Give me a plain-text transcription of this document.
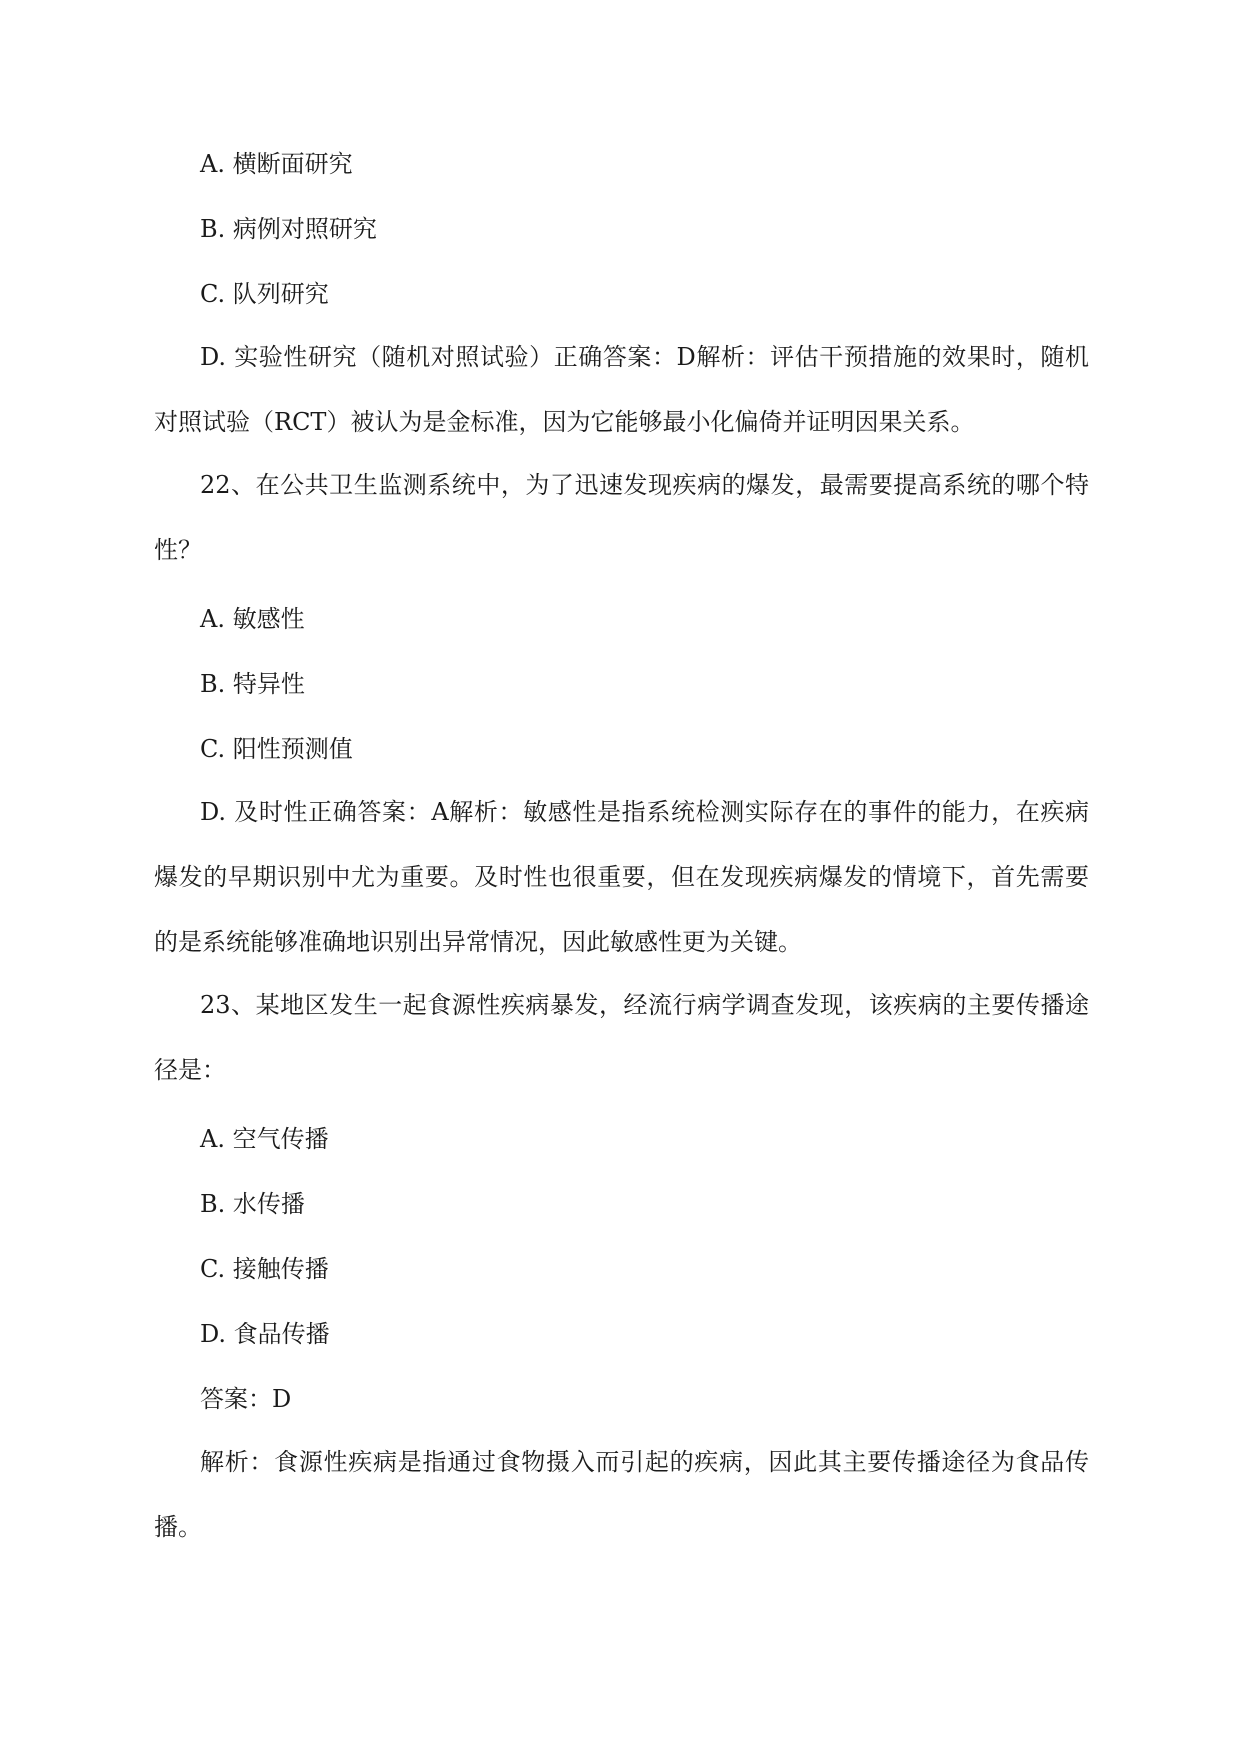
A. 横断面研究
B. 病例对照研究
C. 队列研究
D. 实验性研究（随机对照试验）正确答案：D解析：评估干预措施的效果时，随机对照试验（RCT）被认为是金标准，因为它能够最小化偏倚并证明因果关系。
22、在公共卫生监测系统中，为了迅速发现疾病的爆发，最需要提高系统的哪个特性？
A. 敏感性
B. 特异性
C. 阳性预测值
D. 及时性正确答案：A解析：敏感性是指系统检测实际存在的事件的能力，在疾病爆发的早期识别中尤为重要。及时性也很重要，但在发现疾病爆发的情境下，首先需要的是系统能够准确地识别出异常情况，因此敏感性更为关键。
23、某地区发生一起食源性疾病暴发，经流行病学调查发现，该疾病的主要传播途径是：
A. 空气传播
B. 水传播
C. 接触传播
D. 食品传播
答案：D
解析：食源性疾病是指通过食物摄入而引起的疾病，因此其主要传播途径为食品传播。
